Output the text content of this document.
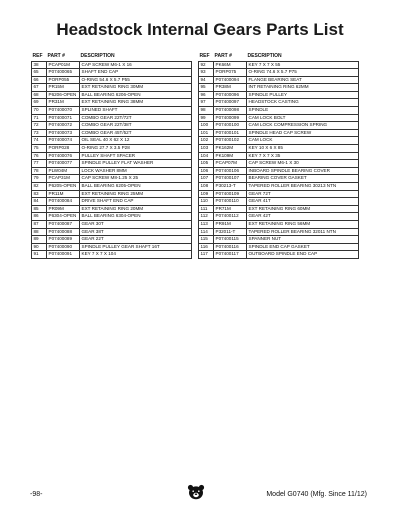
Headstock Internal Gears Parts List
REF	PART #	DESCRIPTION
38	PCAP01M	CAP SCREW M6-1 X 16
65	P07400065	SHAFT END CAP
66	PORP055	O-RING 54.6 X 5.7 P55
67	PR15M	EXT RETAINING RING 30MM
68	P6206-OPEN	BALL BEARING 6206-OPEN
69	PR31M	EXT RETAINING RING 38MM
70	P07400070	SPLINED SHAFT
71	P07400071	COMBO GEAR 22T/72T
72	P07400072	COMBO GEAR 22T/38T
73	P07400073	COMBO GEAR 45T/52T
74	P07400074	OIL SEAL 40 X 62 X 12
75	PORP028	O-RING 27.7 X 3.5 P28
76	P07400076	PULLEY SHAFT SPACER
77	P07400077	SPINDLE PULLEY FLAT WASHER
78	PLW04M	LOCK WASHER 8MM
79	PCAP31M	CAP SCREW M8-1.25 X 25
82	P6205-OPEN	BALL BEARING 6205-OPEN
83	PR11M	EXT RETAINING RING 25MM
84	P07400084	DRIVE SHAFT END CAP
85	PR09M	EXT RETAINING RING 20MM
86	P6304-OPEN	BALL BEARING 6304-OPEN
87	P07400087	GEAR 30T
88	P07400088	GEAR 38T
89	P07400089	GEAR 22T
90	P07400090	SPINDLE PULLEY GEAR SHAFT 16T
91	P07400091	KEY 7 X 7 X 104
REF	PART #	DESCRIPTION
92	PK66M	KEY 7 X 7 X 55
93	PORP075	O-RING 74.6 X 5.7 P75
94	P07400094	FLANGE BEARING SEAT
95	PR38M	INT RETAINING RING 62MM
96	P07400096	SPINDLE PULLEY
97	P07400097	HEADSTOCK CASTING
98	P07400098	SPINDLE
99	P07400099	CAM LOCK BOLT
100	P07400100	CAM LOCK COMPRESSION SPRING
101	P07400101	SPINDLE HEAD CAP SCREW
102	P07400102	CAM LOCK
103	PK162M	KEY 10 X 6 X 85
104	PK109M	KEY 7 X 7 X 35
105	PCAP07M	CAP SCREW M6-1 X 30
106	P07400106	INBOARD SPINDLE BEARING COVER
107	P07400107	BEARING COVER GASKET
108	P30213-T	TAPERED ROLLER BEARING 30213 NTN
109	P07400109	GEAR 72T
110	P07400110	GEAR 41T
111	PR71M	EXT RETAINING RING 60MM
112	P07400112	GEAR 42T
113	PR91M	EXT RETAINING RING 56MM
114	P32011-T	TAPERED ROLLER BEARING 32011 NTN
115	P07400115	SPANNER NUT
116	P07400116	SPINDLE END CAP GASKET
117	P07400117	OUTBOARD SPINDLE END CAP
-98-	Model G0740 (Mfg. Since 11/12)
